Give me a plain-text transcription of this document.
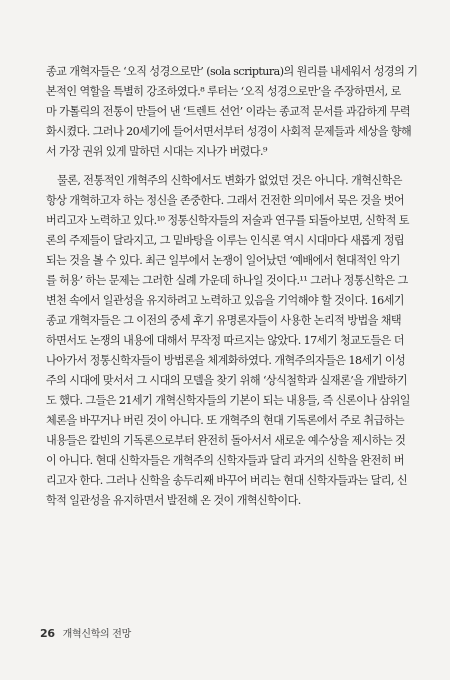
종교 개혁자들은 ‘오직 성경으로만’ (sola scriptura)의 원리를 내세워서 성경의 기
본적인 역할을 특별히 강조하였다.⁸ 루터는 ‘오직 성경으로만’을 주장하면서, 로
마 가톨릭의 전통이 만들어 낸 ‘트렌트 선언’ 이라는 종교적 문서를 과감하게 무력
화시켰다. 그러나 20세기에 들어서면서부터 성경이 사회적 문제들과 세상을 향해
서 가장 권위 있게 말하던 시대는 지나가 버렸다.⁹
물론, 전통적인 개혁주의 신학에서도 변화가 없었던 것은 아니다. 개혁신학은
항상 개혁하고자 하는 정신을 존중한다. 그래서 건전한 의미에서 묵은 것을 벗어
버리고자 노력하고 있다.¹⁰ 정통신학자들의 저술과 연구를 되돌아보면, 신학적 토
론의 주제들이 달라지고, 그 밑바탕을 이루는 인식론 역시 시대마다 새롭게 정립
되는 것을 볼 수 있다. 최근 일부에서 논쟁이 일어났던 ‘예배에서 현대적인 악기
를 허용’ 하는 문제는 그러한 실례 가운데 하나일 것이다.¹¹ 그러나 정통신학은 그
변천 속에서 일관성을 유지하려고 노력하고 있음을 기억해야 할 것이다. 16세기
종교 개혁자들은 그 이전의 중세 후기 유명론자들이 사용한 논리적 방법을 채택
하면서도 논쟁의 내용에 대해서 무작정 따르지는 않았다. 17세기 청교도들은 더
나아가서 정통신학자들이 방법론을 체계화하였다. 개혁주의자들은 18세기 이성
주의 시대에 맞서서 그 시대의 모델을 찾기 위해 ‘상식철학과 실재론’을 개발하기
도 했다. 그들은 21세기 개혁신학자들의 기본이 되는 내용들, 즉 신론이나 삼위일
체론을 바꾸거나 버린 것이 아니다. 또 개혁주의 현대 기독론에서 주로 취급하는
내용들은 칼빈의 기독론으로부터 완전히 돌아서서 새로운 예수상을 제시하는 것
이 아니다. 현대 신학자들은 개혁주의 신학자들과 달리 과거의 신학을 완전히 버
리고자 한다. 그러나 신학을 송두리째 바꾸어 버리는 현대 신학자들과는 달리, 신
학적 일관성을 유지하면서 발전해 온 것이 개혁신학이다.
26 개혁신학의 전망
